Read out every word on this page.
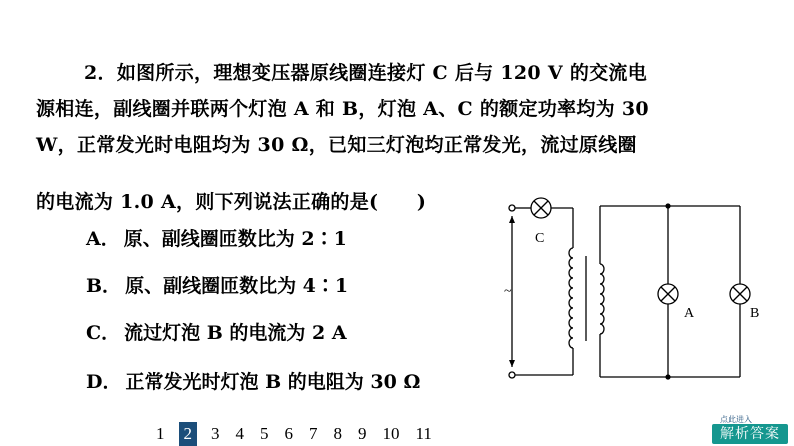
2．如图所示，理想变压器原线圈连接灯 C 后与 120 V 的交流电
源相连，副线圈并联两个灯泡 A 和 B，灯泡 A、C 的额定功率均为 30
W，正常发光时电阻均为 30 Ω，已知三灯泡均正常发光，流过原线圈
的电流为 1.0 A，则下列说法正确的是(　　)
A． 原、副线圈匝数比为 2∶1
B． 原、副线圈匝数比为 4∶1
C． 流过灯泡 B 的电流为 2 A
D． 正常发光时灯泡 B 的电阻为 30 Ω
C
A	B
~
1	2	3 4 5 6 7 8 9 10 11
点此进入
解析答案
